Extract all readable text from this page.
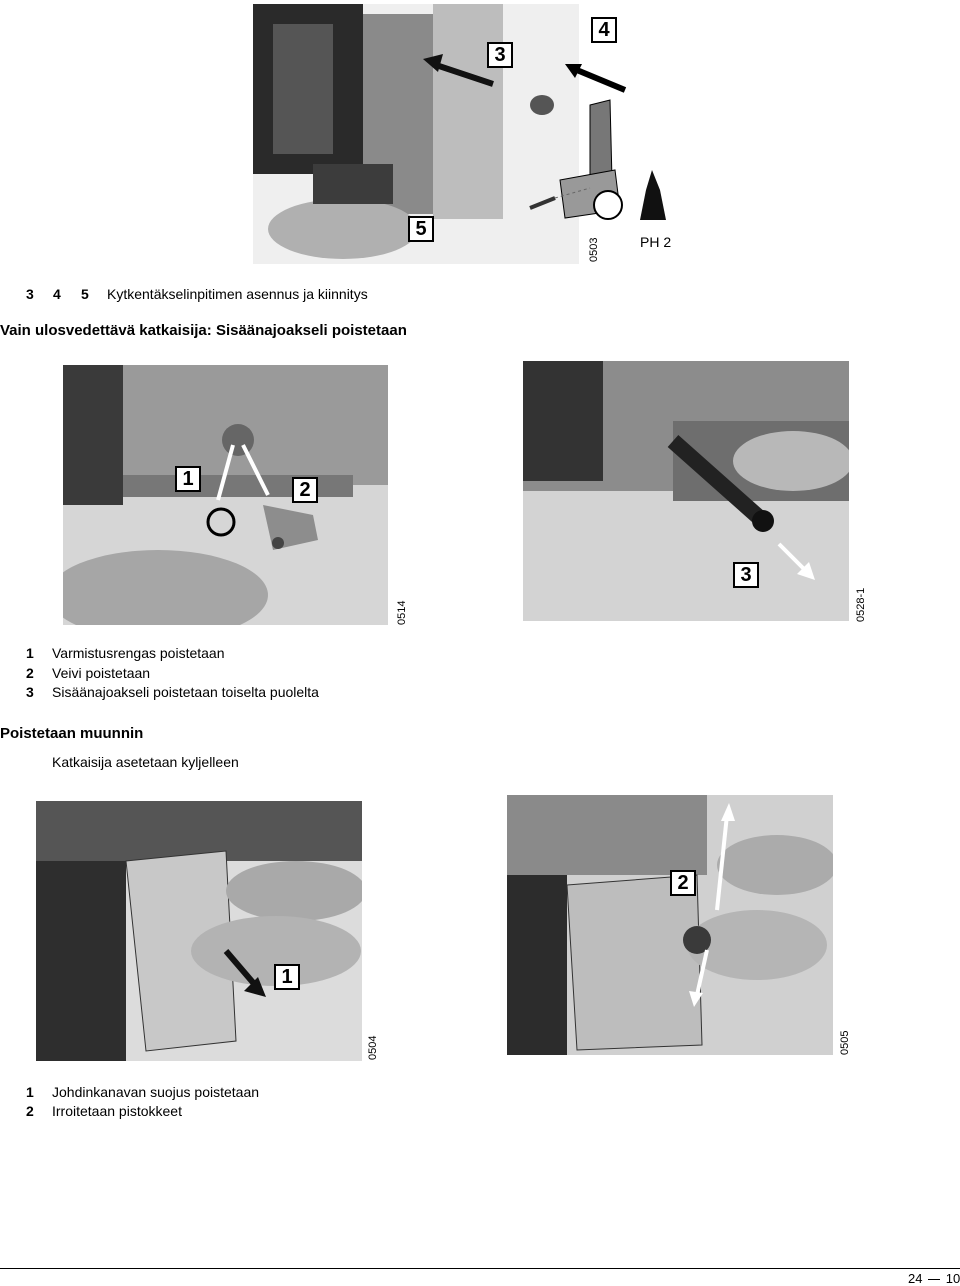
3
5
4
0503	PH 2
3 4 5 Kytkentäkselinpitimen asennus ja kiinnitys
Vain ulosvedettävä katkaisija: Sisäänajoakseli poistetaan
1	2
0514
3
0528-1
1 Varmistusrengas poistetaan
2 Veivi poistetaan
3 Sisäänajoakseli poistetaan toiselta puolelta
Poistetaan muunnin
Katkaisija asetetaan kyljelleen
1
0504
2
0505
1 Johdinkanavan suojus poistetaan
2 Irroitetaan pistokkeet
24 10
